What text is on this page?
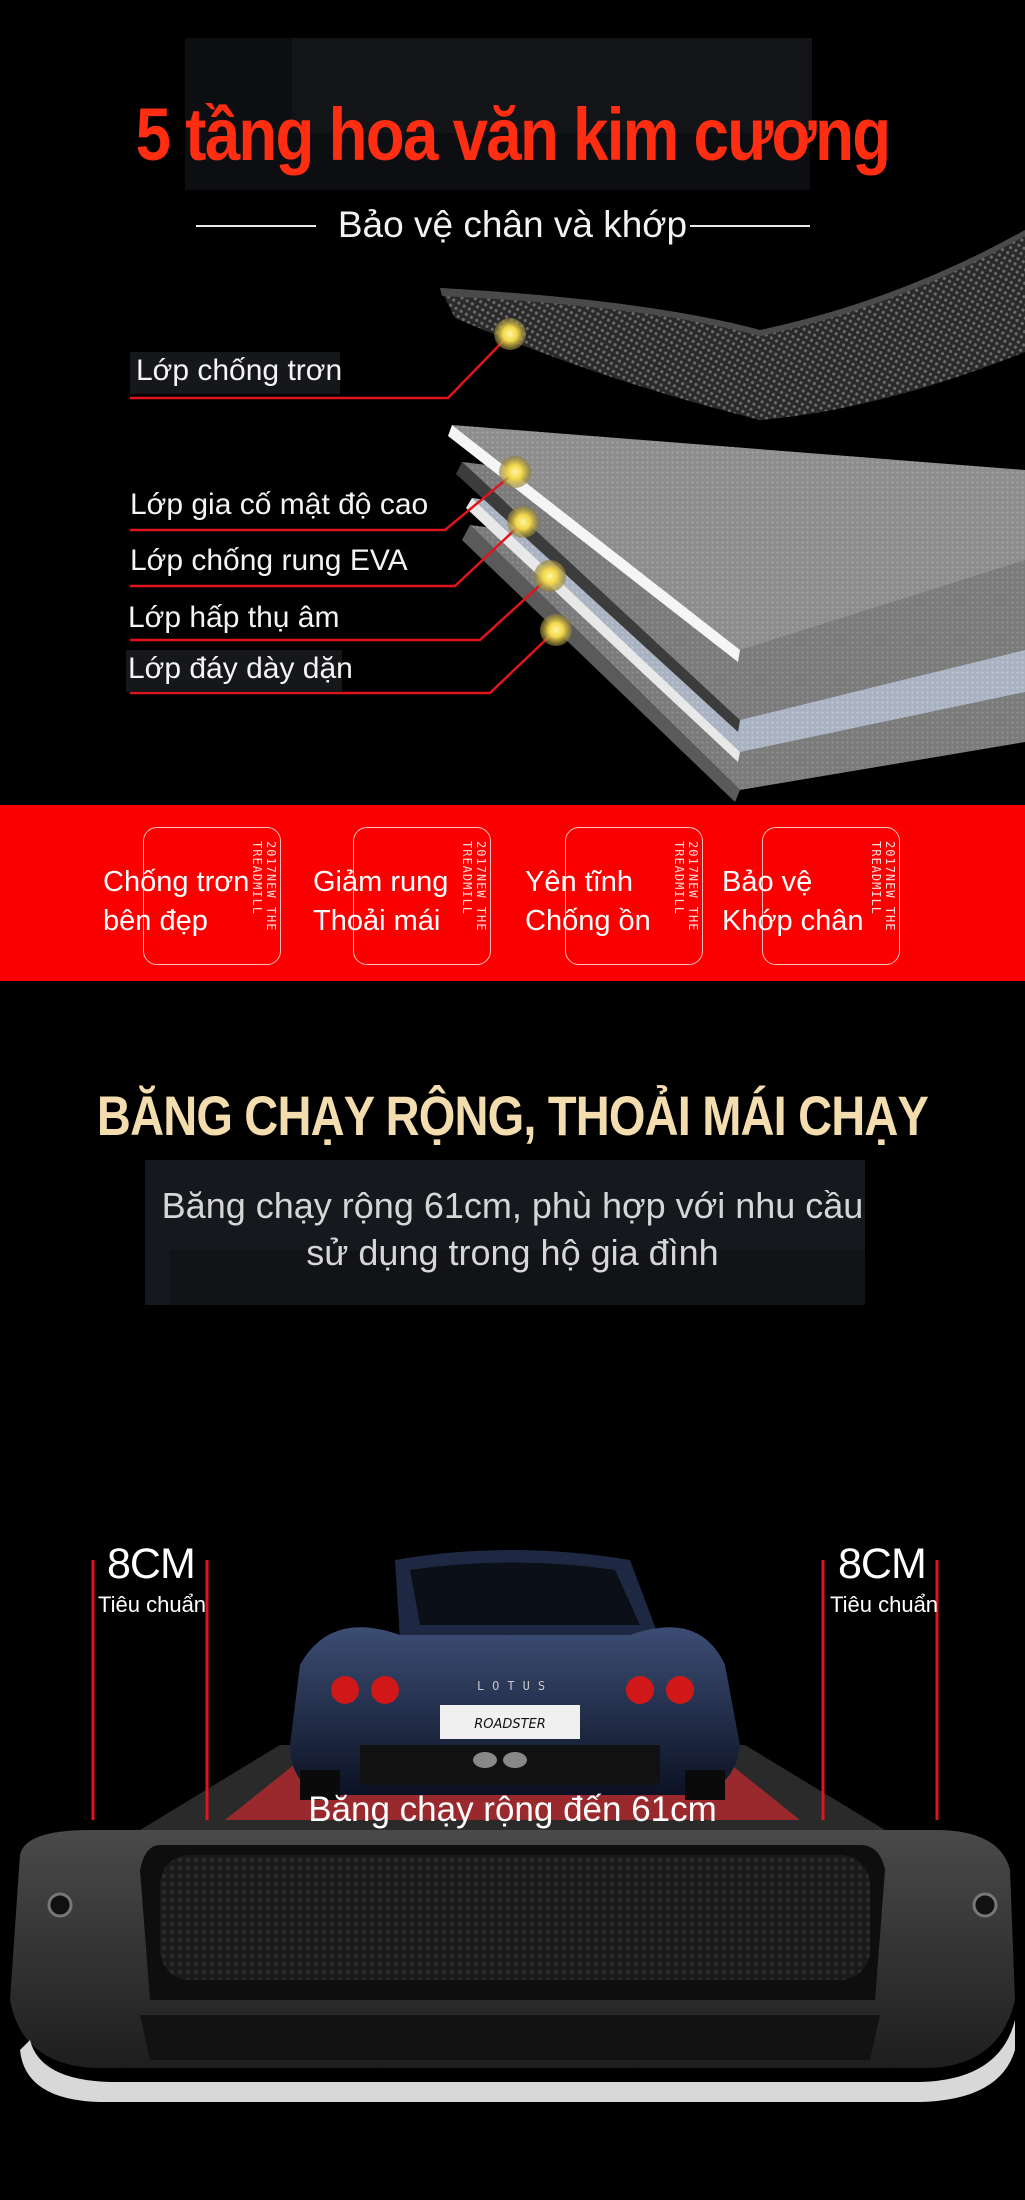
5 tầng hoa văn kim cương
Bảo vệ chân và khớp
Lớp chống trơn
Lớp gia cố mật độ cao
Lớp chống rung EVA
Lớp hấp thụ âm
Lớp đáy dày dặn
Chống trơn
bên đẹp	2017NEW THE TREADMILL	Giảm rung
Thoải mái	2017NEW THE TREADMILL	Yên tĩnh
Chống ồn	2017NEW THE TREADMILL	Bảo vệ
Khớp chân	2017NEW THE TREADMILL
BĂNG CHẠY RỘNG, THOẢI MÁI CHẠY
Băng chạy rộng 61cm, phù hợp với nhu cầu
sử dụng trong hộ gia đình
LOTUS
ROADSTER
8CM
Tiêu chuẩn
8CM
Tiêu chuẩn
Băng chạy rộng đến 61cm
